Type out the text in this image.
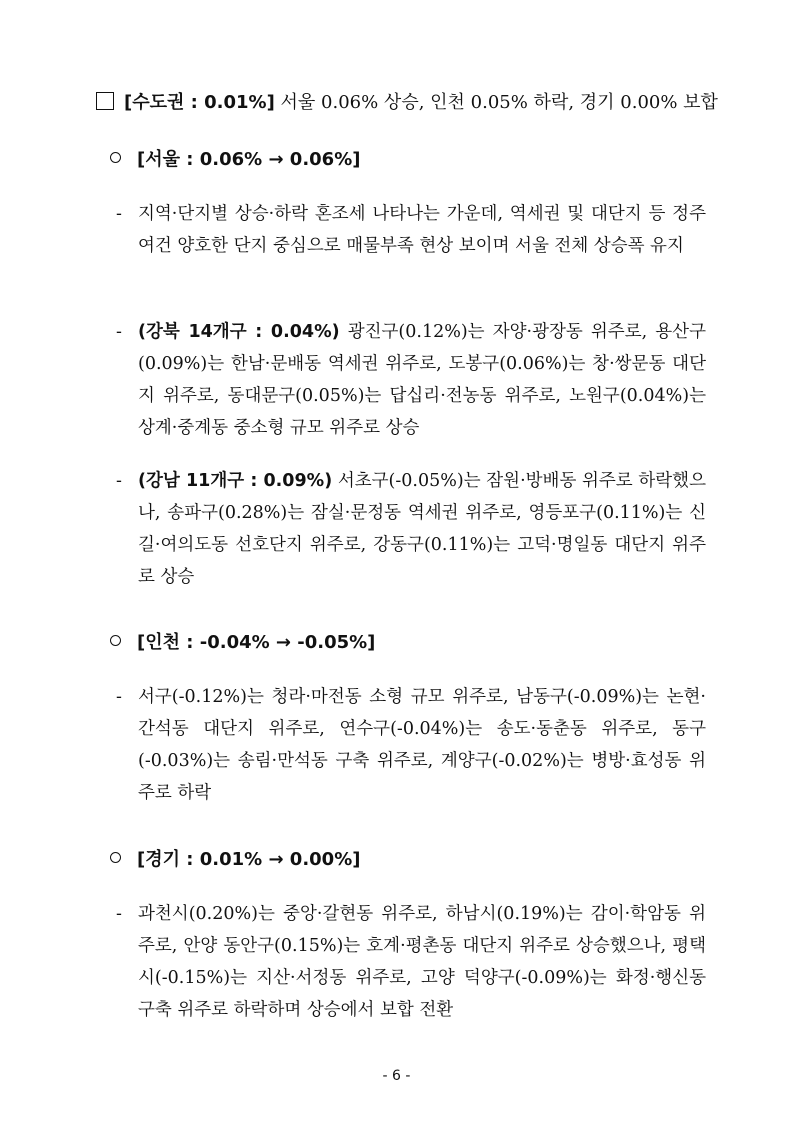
[수도권 : 0.01%] 서울 0.06% 상승, 인천 0.05% 하락, 경기 0.00% 보합
[서울 : 0.06% → 0.06%]
- 지역·단지별 상승·하락 혼조세 나타나는 가운데, 역세권 및 대단지 등 정주여건 양호한 단지 중심으로 매물부족 현상 보이며 서울 전체 상승폭 유지
- (강북 14개구 : 0.04%) 광진구(0.12%)는 자양·광장동 위주로, 용산구(0.09%)는 한남·문배동 역세권 위주로, 도봉구(0.06%)는 창·쌍문동 대단지 위주로, 동대문구(0.05%)는 답십리·전농동 위주로, 노원구(0.04%)는 상계·중계동 중소형 규모 위주로 상승
- (강남 11개구 : 0.09%) 서초구(-0.05%)는 잠원·방배동 위주로 하락했으나, 송파구(0.28%)는 잠실·문정동 역세권 위주로, 영등포구(0.11%)는 신길·여의도동 선호단지 위주로, 강동구(0.11%)는 고덕·명일동 대단지 위주로 상승
[인천 : -0.04% → -0.05%]
- 서구(-0.12%)는 청라·마전동 소형 규모 위주로, 남동구(-0.09%)는 논현·간석동 대단지 위주로, 연수구(-0.04%)는 송도·동춘동 위주로, 동구(-0.03%)는 송림·만석동 구축 위주로, 계양구(-0.02%)는 병방·효성동 위주로 하락
[경기 : 0.01% → 0.00%]
- 과천시(0.20%)는 중앙·갈현동 위주로, 하남시(0.19%)는 감이·학암동 위주로, 안양 동안구(0.15%)는 호계·평촌동 대단지 위주로 상승했으나, 평택시(-0.15%)는 지산·서정동 위주로, 고양 덕양구(-0.09%)는 화정·행신동 구축 위주로 하락하며 상승에서 보합 전환
- 6 -
